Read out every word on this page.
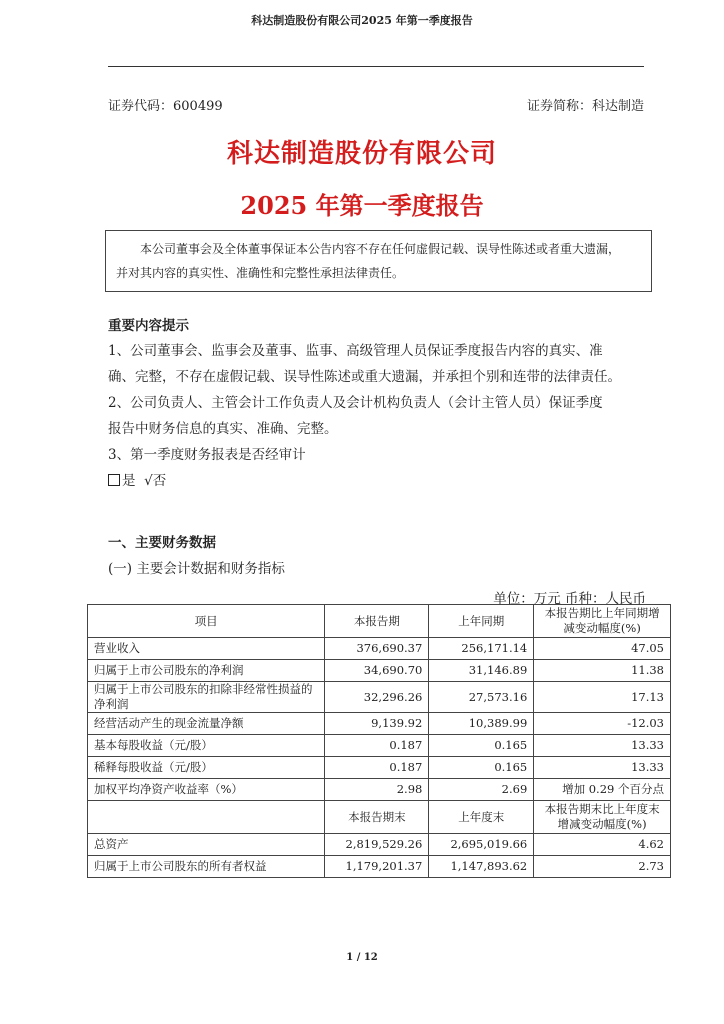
科达制造股份有限公司2025 年第一季度报告
证券代码：600499	证券简称：科达制造
科达制造股份有限公司
2025 年第一季度报告

本公司董事会及全体董事保证本公告内容不存在任何虚假记载、误导性陈述或者重大遗漏，

并对其内容的真实性、准确性和完整性承担法律责任。

重要内容提示

1、公司董事会、监事会及董事、监事、高级管理人员保证季度报告内容的真实、准

确、完整，不存在虚假记载、误导性陈述或重大遗漏，并承担个别和连带的法律责任。

2、公司负责人、主管会计工作负责人及会计机构负责人（会计主管人员）保证季度

报告中财务信息的真实、准确、完整。

3、第一季度财务报表是否经审计

是 √否

一、主要财务数据
(一) 主要会计数据和财务指标
单位：万元 币种：人民币
项目	本报告期	上年同期	本报告期比上年同期增减变动幅度(%)
营业收入	376,690.37	256,171.14	47.05
归属于上市公司股东的净利润	34,690.70	31,146.89	11.38
归属于上市公司股东的扣除非经常性损益的净利润	32,296.26	27,573.16	17.13
经营活动产生的现金流量净额	9,139.92	10,389.99	-12.03
基本每股收益（元/股）	0.187	0.165	13.33
稀释每股收益（元/股）	0.187	0.165	13.33
加权平均净资产收益率（%）	2.98	2.69	增加 0.29 个百分点
	本报告期末	上年度末	本报告期末比上年度末增减变动幅度(%)
总资产	2,819,529.26	2,695,019.66	4.62
归属于上市公司股东的所有者权益	1,179,201.37	1,147,893.62	2.73
1 / 12
